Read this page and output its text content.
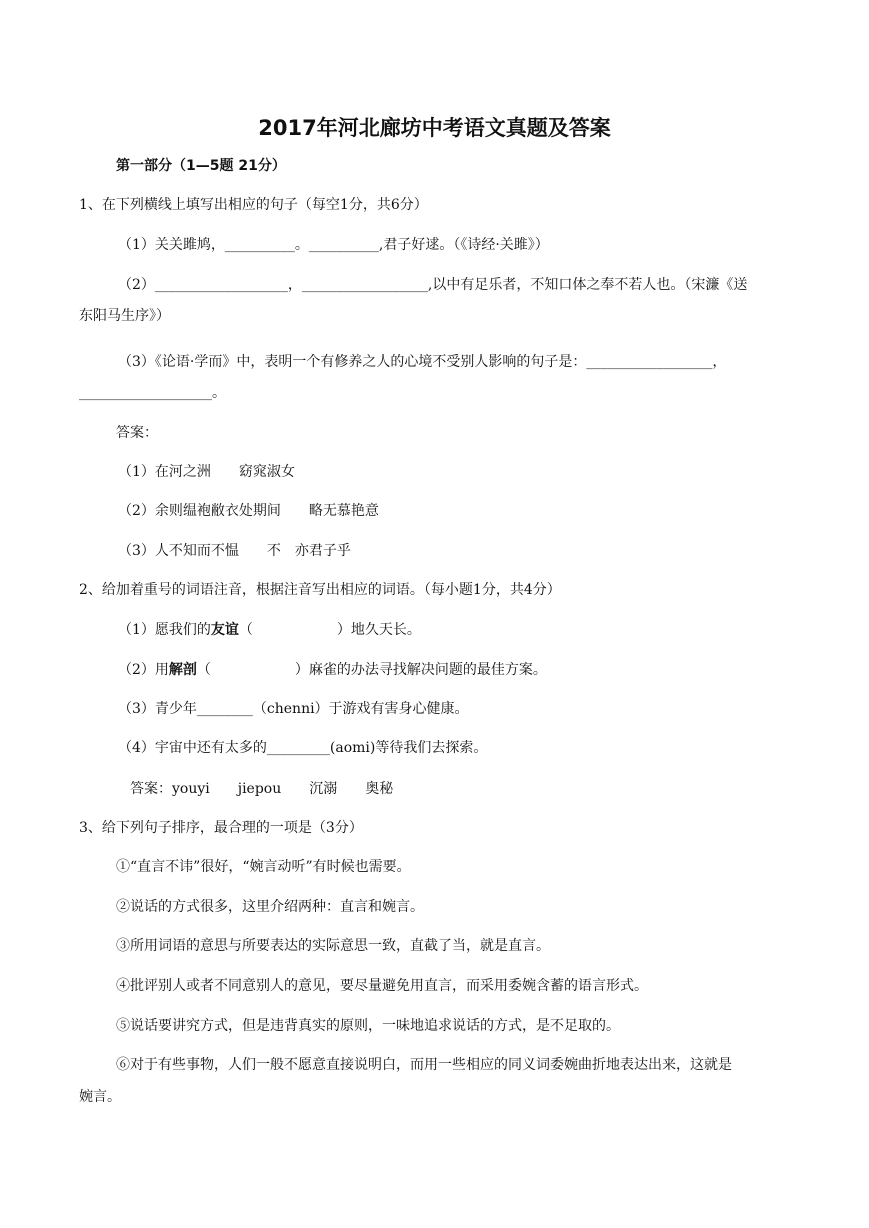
2017年河北廊坊中考语文真题及答案
第一部分（1—5题 21分）
1、在下列横线上填写出相应的句子（每空1分，共6分）
（1）关关雎鸠，__________。__________,君子好逑。（《诗经·关雎》）
（2）___________________，__________________,以中有足乐者，不知口体之奉不若人也。（宋濂《送
东阳马生序》）
（3）《论语·学而》中，表明一个有修养之人的心境不受别人影响的句子是：__________________，
___________________。
答案：
（1）在河之洲　　窈窕淑女
（2）余则缊袍敝衣处期间　　略无慕艳意
（3）人不知而不愠　　不　亦君子乎
2、给加着重号的词语注音，根据注音写出相应的词语。（每小题1分，共4分）
（1）愿我们的友谊（　　　　　　）地久天长。
（2）用解剖（　　　　　　）麻雀的办法寻找解决问题的最佳方案。
（3）青少年________（chenni）于游戏有害身心健康。
（4）宇宙中还有太多的_________(aomi)等待我们去探索。
答案：youyi　　jiepou　　沉溺　　奥秘
3、给下列句子排序，最合理的一项是（3分）
①“直言不讳”很好，“婉言动听”有时候也需要。
②说话的方式很多，这里介绍两种：直言和婉言。
③所用词语的意思与所要表达的实际意思一致，直截了当，就是直言。
④批评别人或者不同意别人的意见，要尽量避免用直言，而采用委婉含蓄的语言形式。
⑤说话要讲究方式，但是违背真实的原则，一味地追求说话的方式，是不足取的。
⑥对于有些事物，人们一般不愿意直接说明白，而用一些相应的同义词委婉曲折地表达出来，这就是
婉言。
